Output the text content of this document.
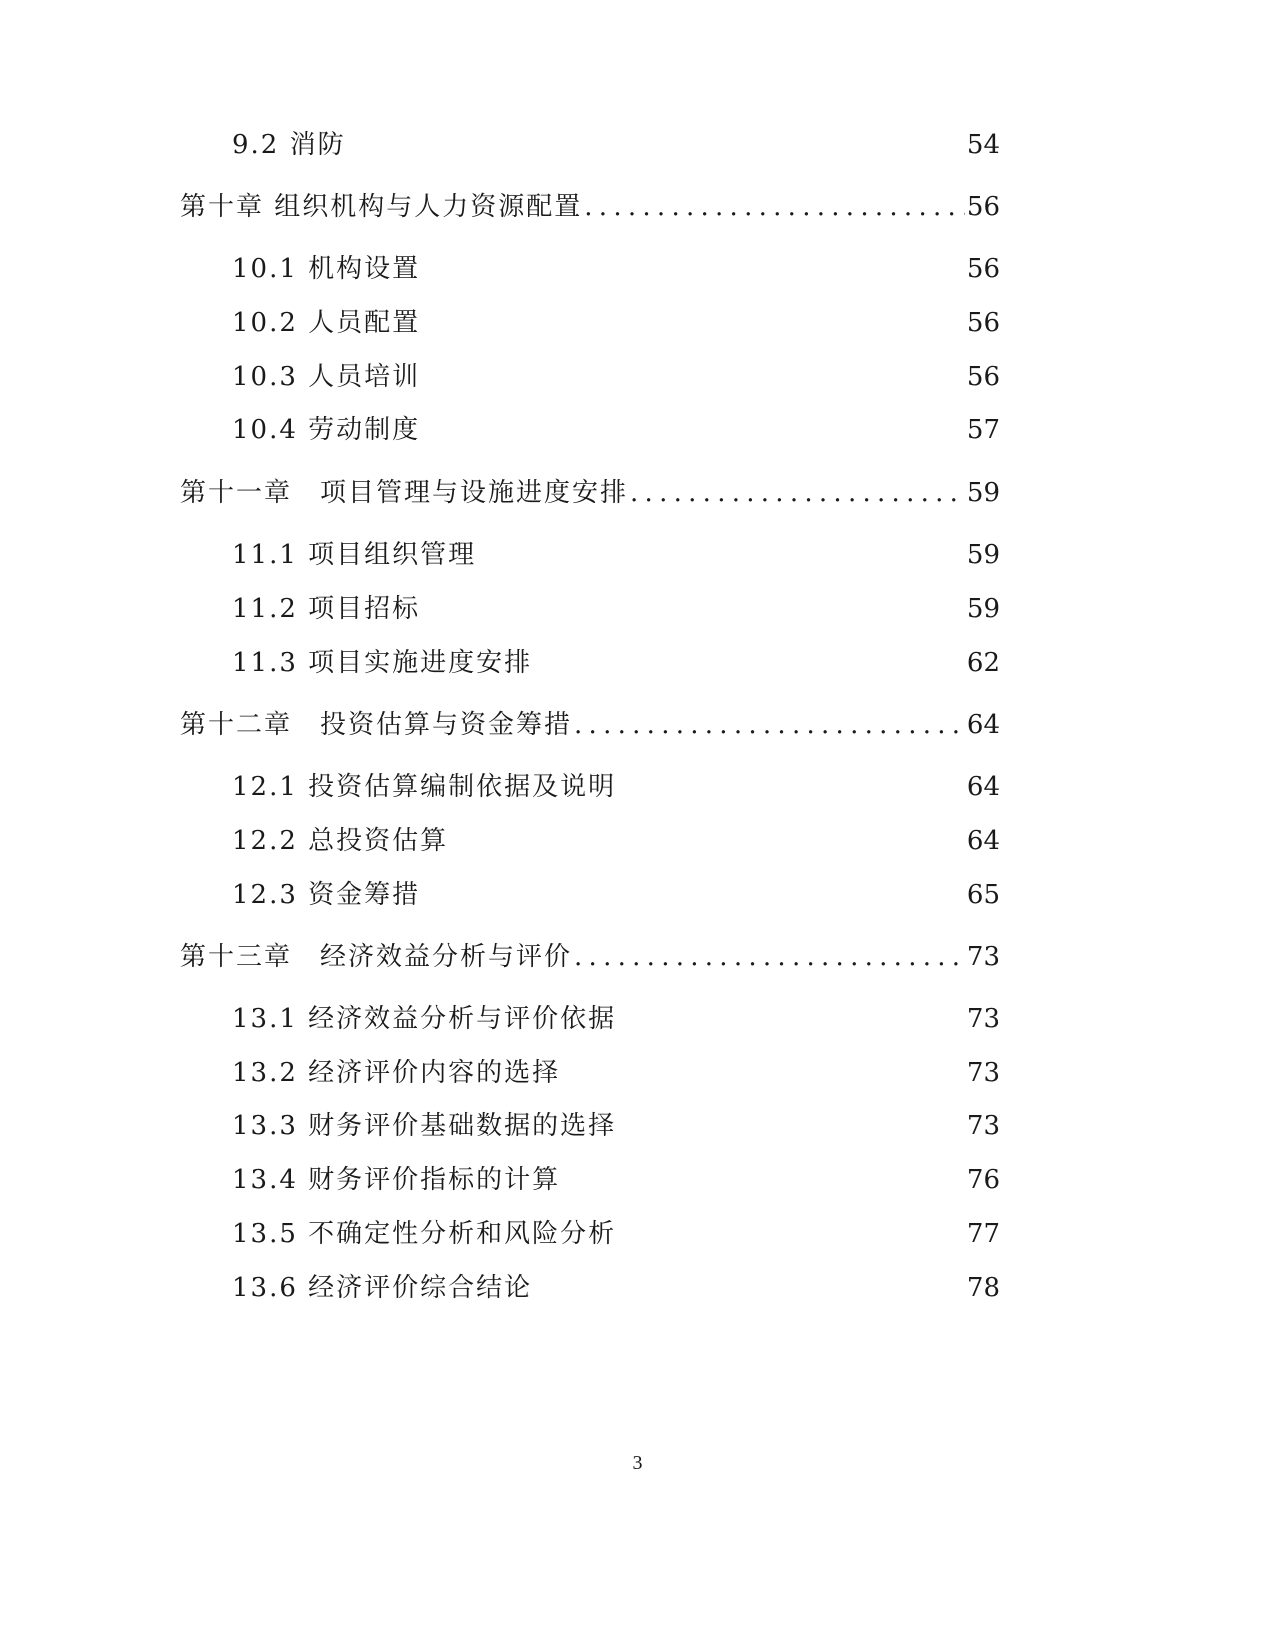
9.2 消防	54
第十章 组织机构与人力资源配置 . . .	56
10.1 机构设置	56
10.2 人员配置	56
10.3 人员培训	56
10.4 劳动制度	57
第十一章　项目管理与设施进度安排 . . .	59
11.1 项目组织管理	59
11.2 项目招标	59
11.3 项目实施进度安排	62
第十二章　投资估算与资金筹措 . . .	64
12.1 投资估算编制依据及说明	64
12.2 总投资估算	64
12.3 资金筹措	65
第十三章　经济效益分析与评价 . . .	73
13.1 经济效益分析与评价依据	73
13.2 经济评价内容的选择	73
13.3 财务评价基础数据的选择	73
13.4 财务评价指标的计算	76
13.5 不确定性分析和风险分析	77
13.6 经济评价综合结论	78
3
